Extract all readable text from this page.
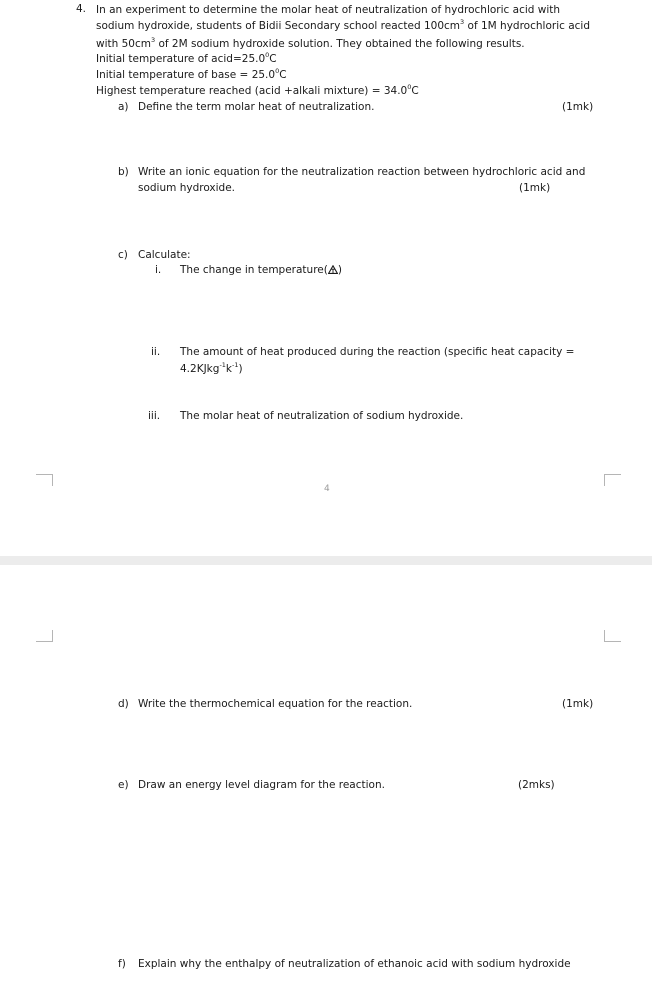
4. In an experiment to determine the molar heat of neutralization of hydrochloric acid with
sodium hydroxide, students of Bidii Secondary school reacted $100cm^3$ of 1M hydrochloric acid
with $50cm^3$ of 2M sodium hydroxide solution. They obtained the following results.
Initial temperature of $acid=25.0^0C$
Initial temperature of base = $25.0^0C$
Highest temperature reached (acid +alkali mixture) = $34.0^0C$
a) Define the term molar heat of neutralization.	(1mk)
b) Write an ionic equation for the neutralization reaction between hydrochloric acid and
sodium hydroxide.	(1mk)
c) Calculate:
i. The change in temperature( )
ii. The amount of heat produced during the reaction (specific heat capacity =
$4.2KJkg^{-1}k^{-1}$)
iii. The molar heat of neutralization of sodium hydroxide.
4
d) Write the thermochemical equation for the reaction.	(1mk)
e) Draw an energy level diagram for the reaction.	(2mks)
f) Explain why the enthalpy of neutralization of ethanoic acid with sodium hydroxide
